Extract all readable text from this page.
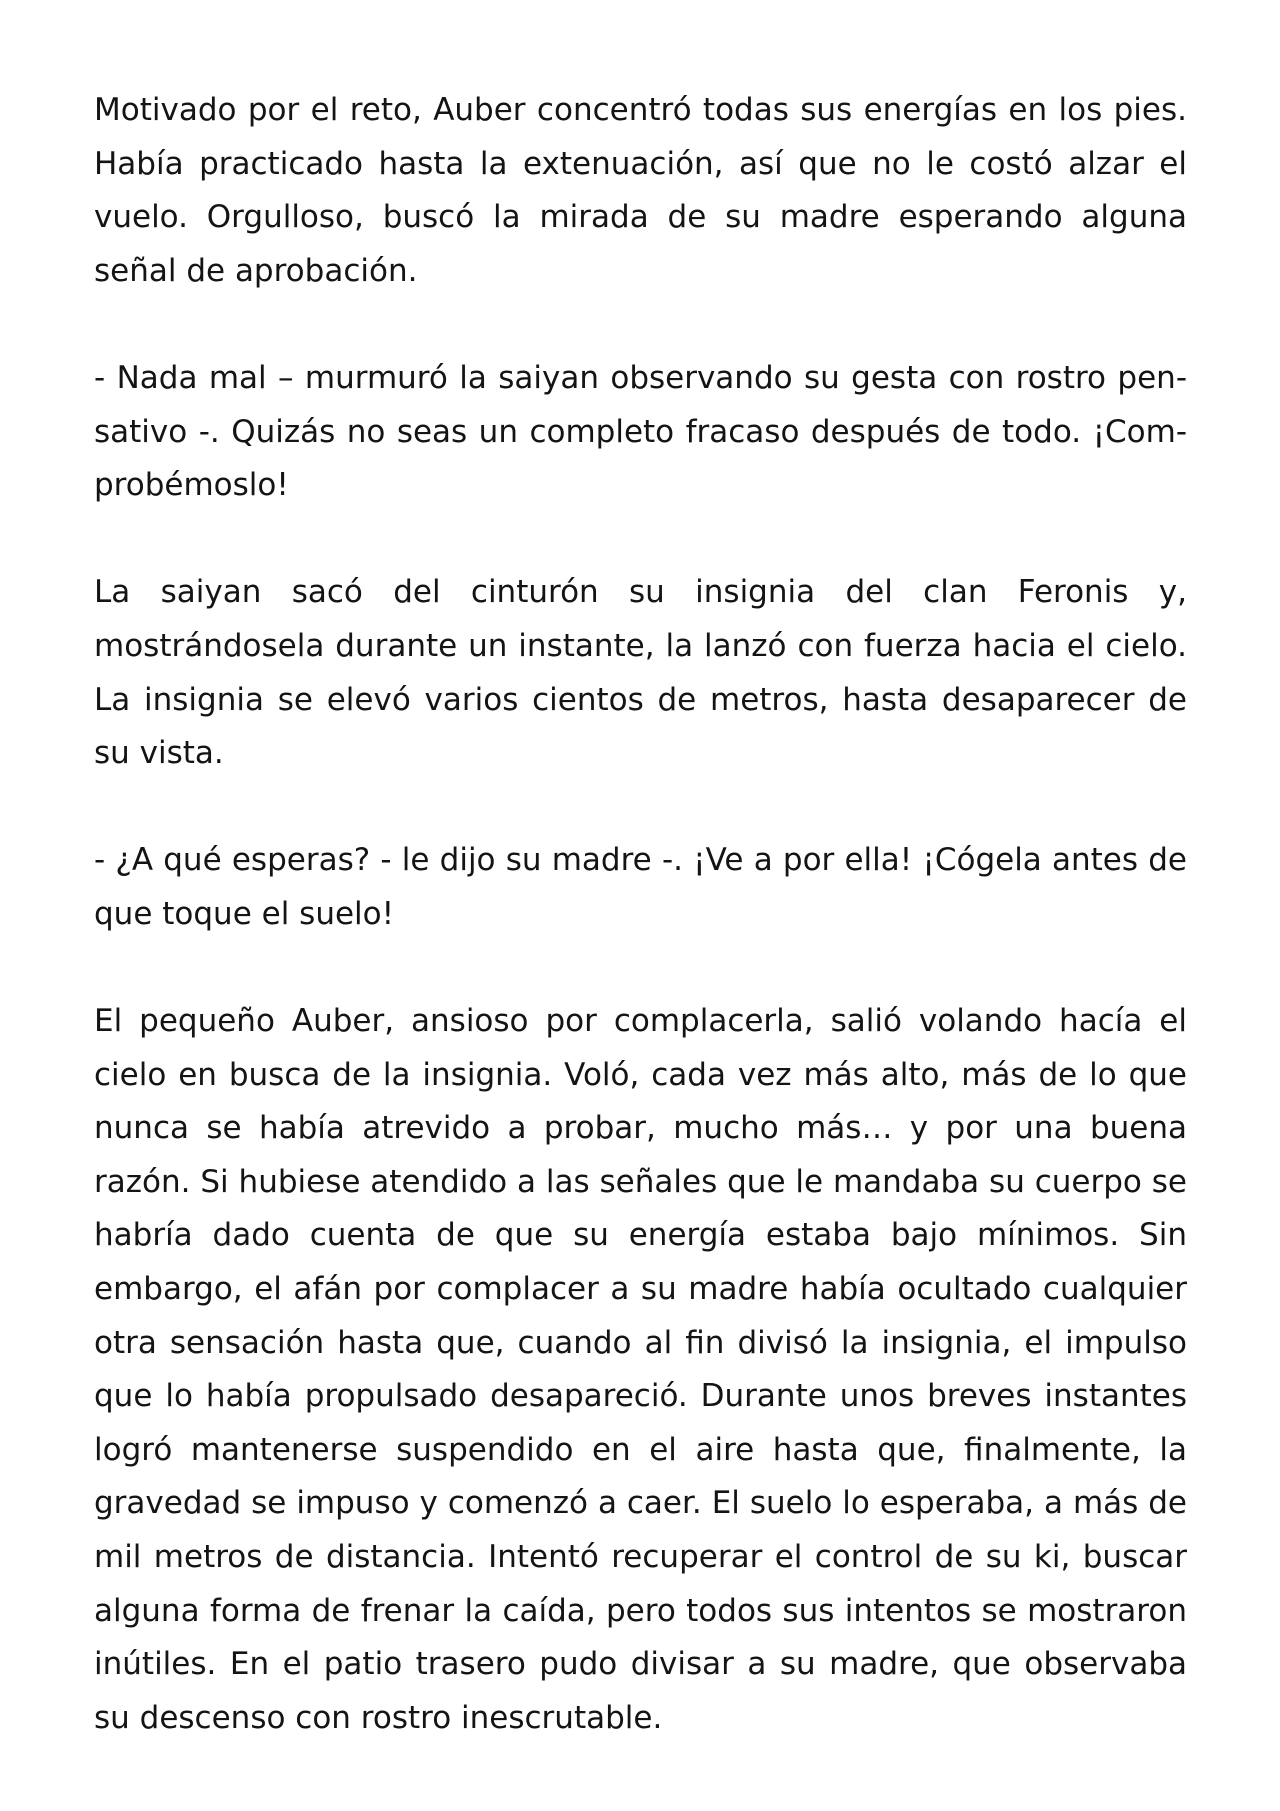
Motivado por el reto, Auber concentró todas sus energías en los pies. Había practicado hasta la extenuación, así que no le costó alzar el vuelo. Orgulloso, buscó la mirada de su madre esperando alguna señal de aprobación.

- Nada mal – murmuró la saiyan observando su gesta con rostro pensativo -. Quizás no seas un completo fracaso después de todo. ¡Comprobémoslo!

La saiyan sacó del cinturón su insignia del clan Feronis y, mostrándosela durante un instante, la lanzó con fuerza hacia el cielo. La insignia se elevó varios cientos de metros, hasta desaparecer de su vista.

- ¿A qué esperas? - le dijo su madre -. ¡Ve a por ella! ¡Cógela antes de que toque el suelo!

El pequeño Auber, ansioso por complacerla, salió volando hacía el cielo en busca de la insignia. Voló, cada vez más alto, más de lo que nunca se había atrevido a probar, mucho más… y por una buena razón. Si hubiese atendido a las señales que le mandaba su cuerpo se habría dado cuenta de que su energía estaba bajo mínimos. Sin embargo, el afán por complacer a su madre había ocultado cualquier otra sensación hasta que, cuando al fin divisó la insignia, el impulso que lo había propulsado desapareció. Durante unos breves instantes logró mantenerse suspendido en el aire hasta que, finalmente, la gravedad se impuso y comenzó a caer. El suelo lo esperaba, a más de mil metros de distancia. Intentó recuperar el control de su ki, buscar alguna forma de frenar la caída, pero todos sus intentos se mostraron inútiles. En el patio trasero pudo divisar a su madre, que observaba su descenso con rostro inescrutable.
